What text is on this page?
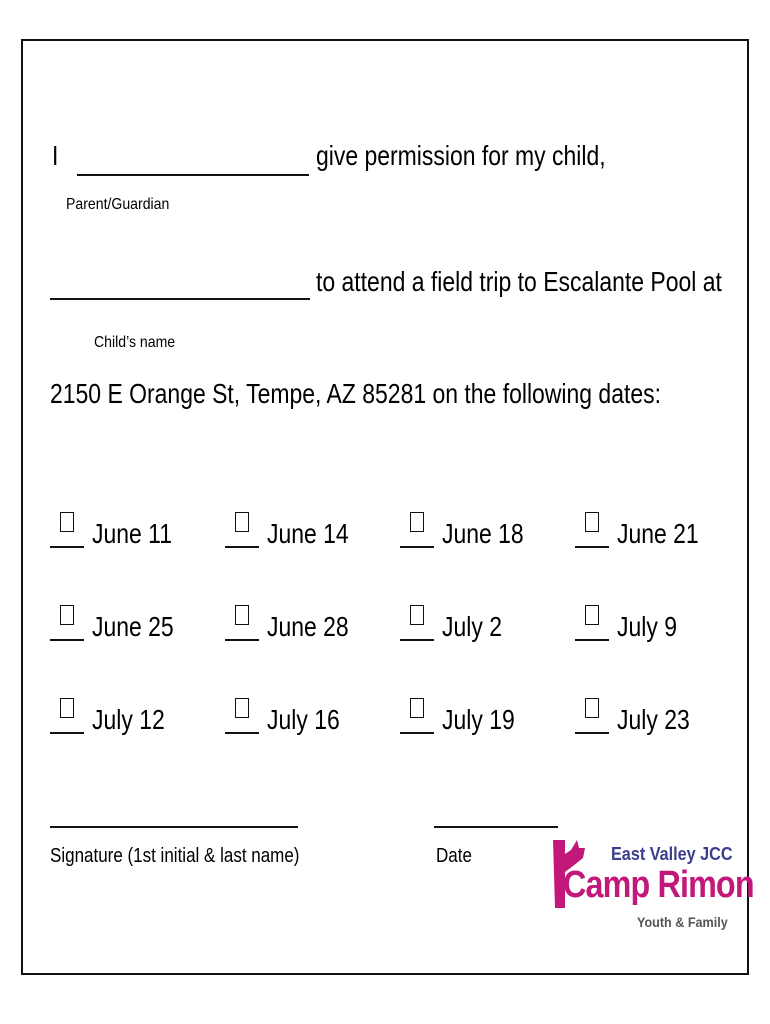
I	give permission for my child,
Parent/Guardian
to attend a field trip to Escalante Pool at
Child’s name
2150 E Orange St, Tempe, AZ 85281 on the following dates:
June 11	June 14	June 18	June 21
June 25	June 28	July 2	July 9
July 12	July 16	July 19	July 23
Signature (1st initial & last name)	Date	East Valley JCC
Camp Rimon
Youth & Family
